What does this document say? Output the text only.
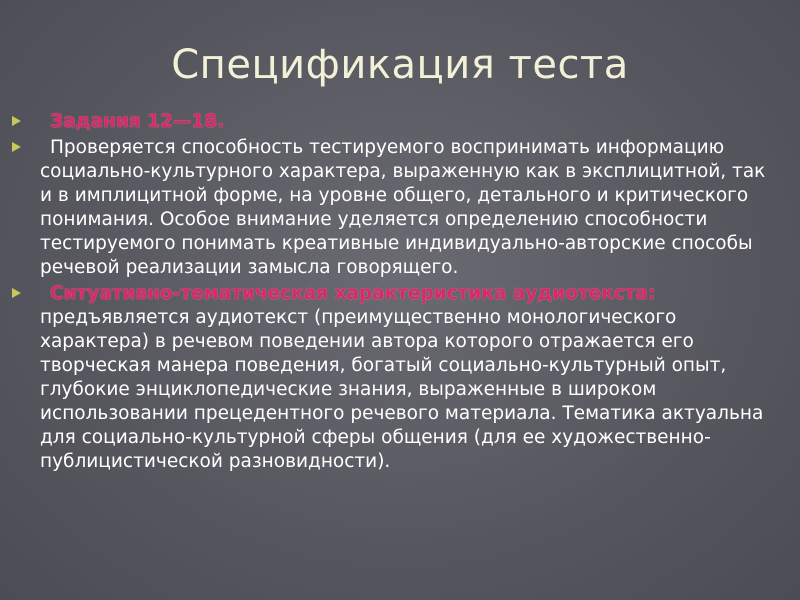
Спецификация теста
Задания 12—18.
Проверяется способность тестируемого воспринимать информацию социально-культурного характера, выраженную как в эксплицитной, так и в имплицитной форме, на уровне общего, детального и критического понимания. Особое внимание уделяется определению способности тестируемого понимать креативные индивидуально-авторские способы речевой реализации замысла говорящего.
Ситуативно-тематическая характеристика аудиотекста: предъявляется аудиотекст (преимущественно монологического характера) в речевом поведении автора которого отражается его творческая манера поведения, богатый социально-культурный опыт, глубокие энциклопедические знания, выраженные в широком использовании прецедентного речевого материала. Тематика актуальна для социально-культурной сферы общения (для ее художественно-публицистической разновидности).
